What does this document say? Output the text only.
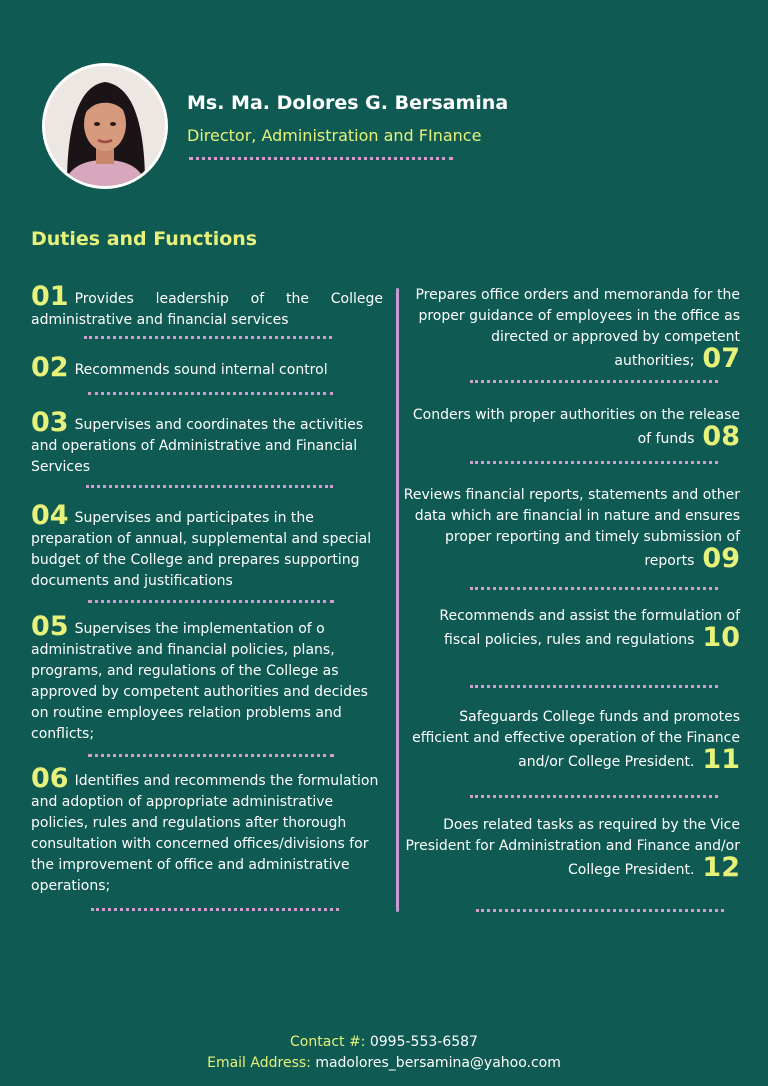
Ms. Ma. Dolores G. Bersamina
Director, Administration and FInance
Duties and Functions
01 Provides leadership of the College administrative and financial services
02 Recommends sound internal control
03 Supervises and coordinates the activities and operations of Administrative and Financial Services
04 Supervises and participates in the preparation of annual, supplemental and special budget of the College and prepares supporting documents and justifications
05 Supervises the implementation of o administrative and financial policies, plans, programs, and regulations of the College as approved by competent authorities and decides on routine employees relation problems and conflicts;
06 Identifies and recommends the formulation and adoption of appropriate administrative policies, rules and regulations after thorough consultation with concerned offices/divisions for the improvement of office and administrative operations;
Prepares office orders and memoranda for the proper guidance of employees in the office as directed or approved by competent authorities; 07
Conders with proper authorities on the release of funds 08
Reviews financial reports, statements and other data which are financial in nature and ensures proper reporting and timely submission of reports 09
Recommends and assist the formulation of fiscal policies, rules and regulations 10
Safeguards College funds and promotes efficient and effective operation of the Finance and/or College President. 11
Does related tasks as required by the Vice President for Administration and Finance and/or College President. 12
Contact #: 0995-553-6587
Email Address: madolores_bersamina@yahoo.com
